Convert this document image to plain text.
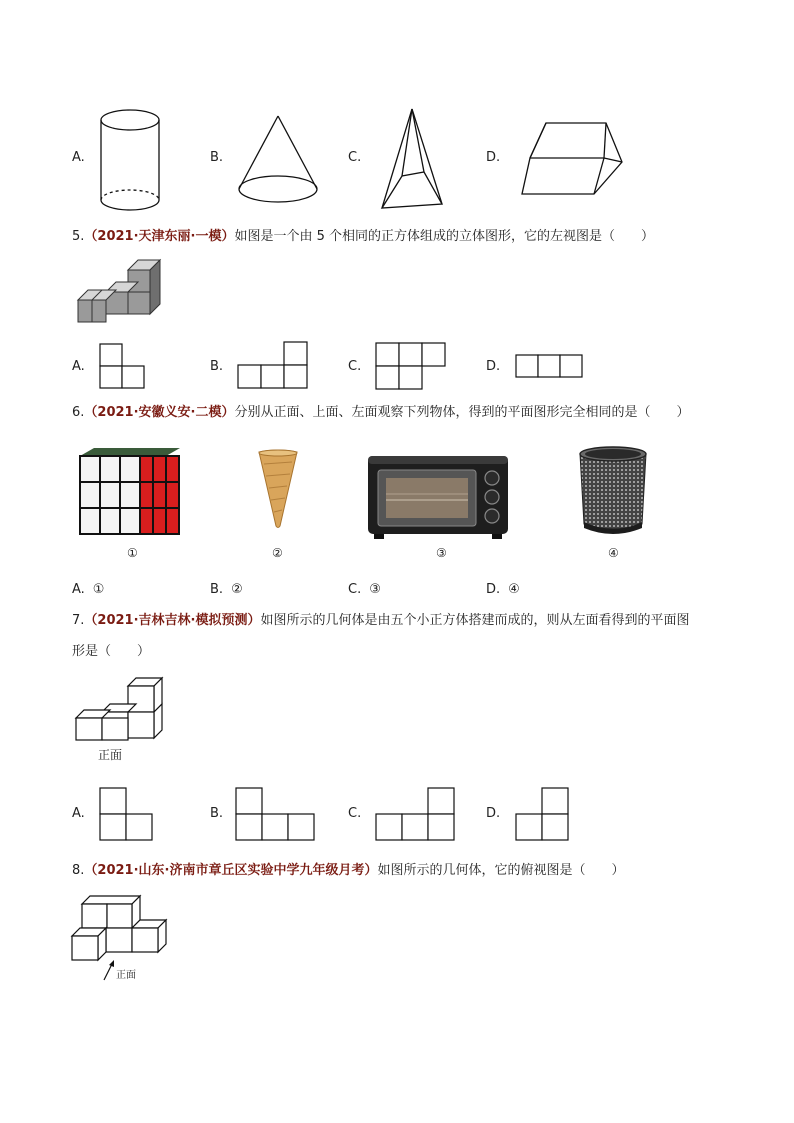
A.	B.	C.	D.
5.（2021·天津东丽·一模）如图是一个由 5 个相同的正方体组成的立体图形，它的左视图是（　　）
A.	B.	C.	D.
6.（2021·安徽义安·二模）分别从正面、上面、左面观察下列物体，得到的平面图形完全相同的是（　　）
①	②	③	④
A. ①	B. ②	C. ③	D. ④
7.（2021·吉林吉林·模拟预测）如图所示的几何体是由五个小正方体搭建而成的，则从左面看得到的平面图
形是（　　）
正面
A.	B.	C.	D.
8.（2021·山东·济南市章丘区实验中学九年级月考）如图所示的几何体，它的俯视图是（　　）
正面
